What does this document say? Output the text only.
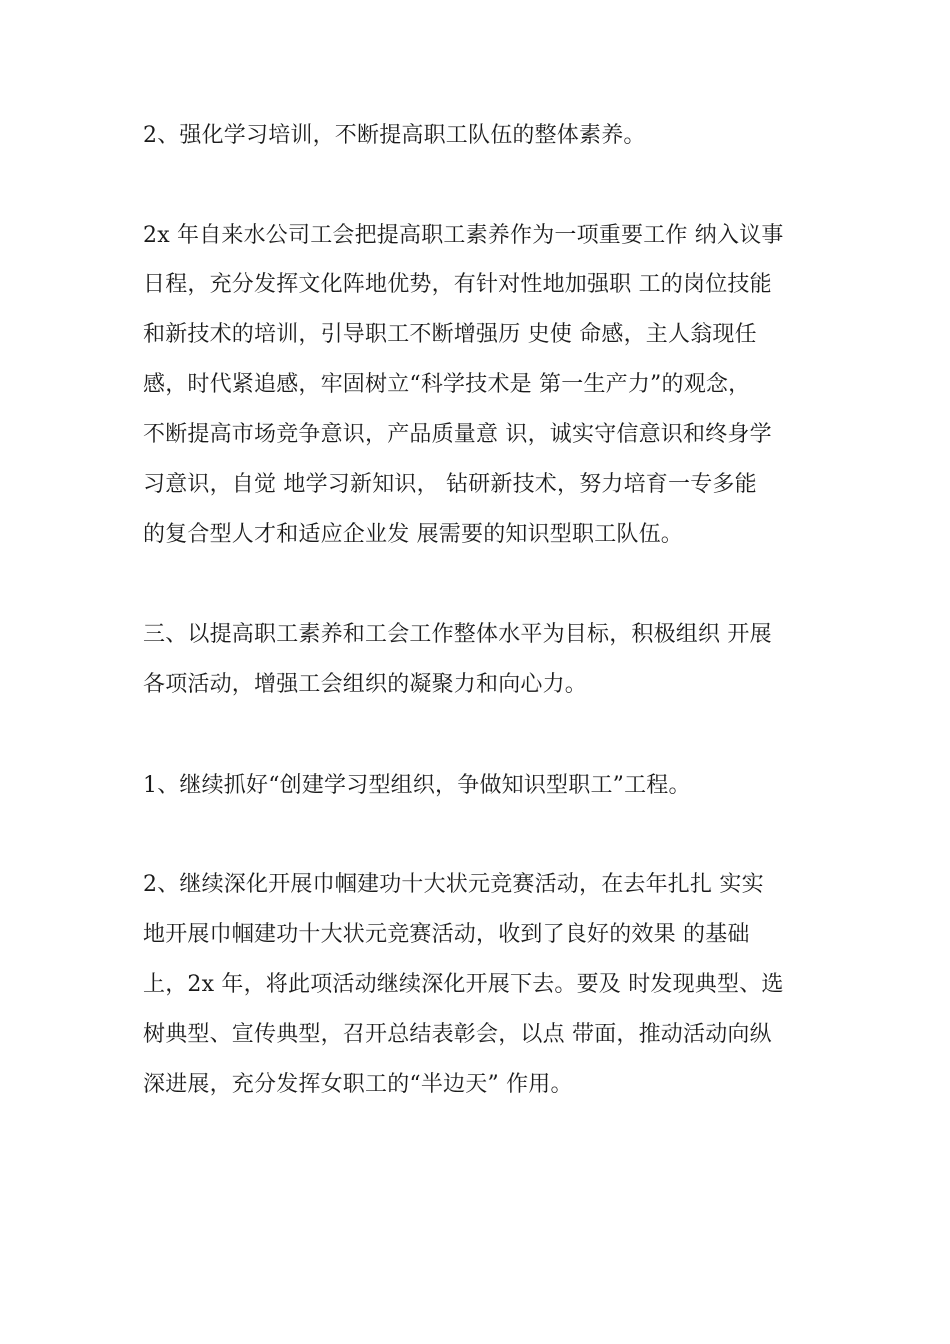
2、强化学习培训，不断提高职工队伍的整体素养。
2x 年自来水公司工会把提高职工素养作为一项重要工作 纳入议事
日程，充分发挥文化阵地优势，有针对性地加强职 工的岗位技能
和新技术的培训，引导职工不断增强历 史使 命感，主人翁现任
感，时代紧追感，牢固树立“科学技术是 第一生产力”的观念，
不断提高市场竞争意识，产品质量意 识，诚实守信意识和终身学
习意识，自觉 地学习新知识， 钻研新技术，努力培育一专多能
的复合型人才和适应企业发 展需要的知识型职工队伍。
三、以提高职工素养和工会工作整体水平为目标，积极组织 开展
各项活动，增强工会组织的凝聚力和向心力。
1、继续抓好“创建学习型组织，争做知识型职工”工程。
2、继续深化开展巾帼建功十大状元竞赛活动，在去年扎扎 实实
地开展巾帼建功十大状元竞赛活动，收到了良好的效果 的基础
上，2x 年，将此项活动继续深化开展下去。要及 时发现典型、选
树典型、宣传典型，召开总结表彰会，以点 带面，推动活动向纵
深进展，充分发挥女职工的“半边天” 作用。
